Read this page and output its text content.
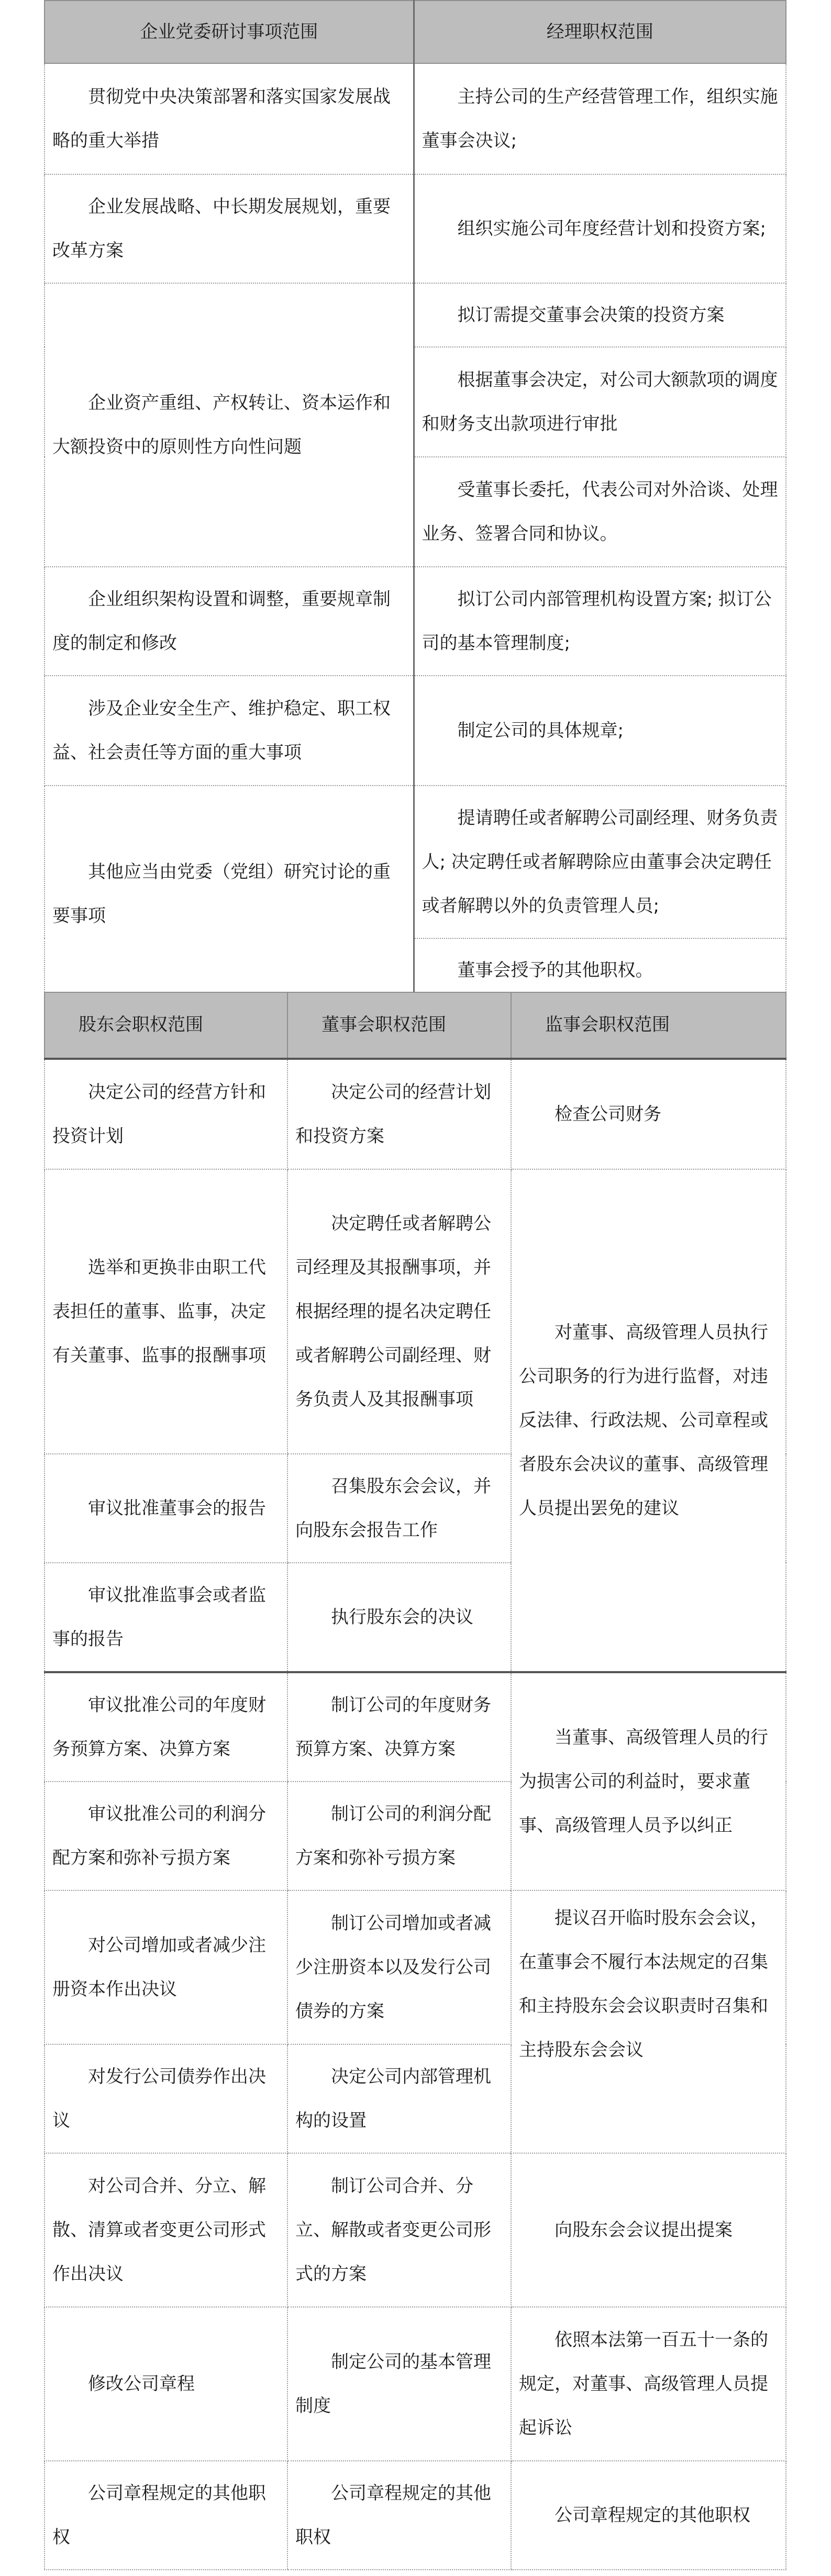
企业党委研讨事项范围	经理职权范围
贯彻党中央决策部署和落实国家发展战略的重大举措	主持公司的生产经营管理工作，组织实施董事会决议;
企业发展战略、中长期发展规划，重要改革方案	组织实施公司年度经营计划和投资方案;
企业资产重组、产权转让、资本运作和大额投资中的原则性方向性问题	拟订需提交董事会决策的投资方案
	根据董事会决定，对公司大额款项的调度和财务支出款项进行审批
	受董事长委托，代表公司对外洽谈、处理业务、签署合同和协议。
企业组织架构设置和调整，重要规章制度的制定和修改	拟订公司内部管理机构设置方案; 拟订公司的基本管理制度;
涉及企业安全生产、维护稳定、职工权益、社会责任等方面的重大事项	制定公司的具体规章;
其他应当由党委（党组）研究讨论的重要事项	提请聘任或者解聘公司副经理、财务负责人; 决定聘任或者解聘除应由董事会决定聘任或者解聘以外的负责管理人员;
	董事会授予的其他职权。
股东会职权范围	董事会职权范围	监事会职权范围
决定公司的经营方针和投资计划	决定公司的经营计划和投资方案	检查公司财务
选举和更换非由职工代表担任的董事、监事，决定有关董事、监事的报酬事项	决定聘任或者解聘公司经理及其报酬事项，并根据经理的提名决定聘任或者解聘公司副经理、财务负责人及其报酬事项	对董事、高级管理人员执行公司职务的行为进行监督，对违反法律、行政法规、公司章程或者股东会决议的董事、高级管理人员提出罢免的建议
审议批准董事会的报告	召集股东会会议，并向股东会报告工作	
审议批准监事会或者监事的报告	执行股东会的决议	
审议批准公司的年度财务预算方案、决算方案	制订公司的年度财务预算方案、决算方案	当董事、高级管理人员的行为损害公司的利益时，要求董事、高级管理人员予以纠正
审议批准公司的利润分配方案和弥补亏损方案	制订公司的利润分配方案和弥补亏损方案	
对公司增加或者减少注册资本作出决议	制订公司增加或者减少注册资本以及发行公司债券的方案	提议召开临时股东会会议，在董事会不履行本法规定的召集和主持股东会会议职责时召集和主持股东会会议
对发行公司债券作出决议	决定公司内部管理机构的设置	
对公司合并、分立、解散、清算或者变更公司形式作出决议	制订公司合并、分立、解散或者变更公司形式的方案	向股东会会议提出提案
修改公司章程	制定公司的基本管理制度	依照本法第一百五十一条的规定，对董事、高级管理人员提起诉讼
公司章程规定的其他职权	公司章程规定的其他职权	公司章程规定的其他职权
